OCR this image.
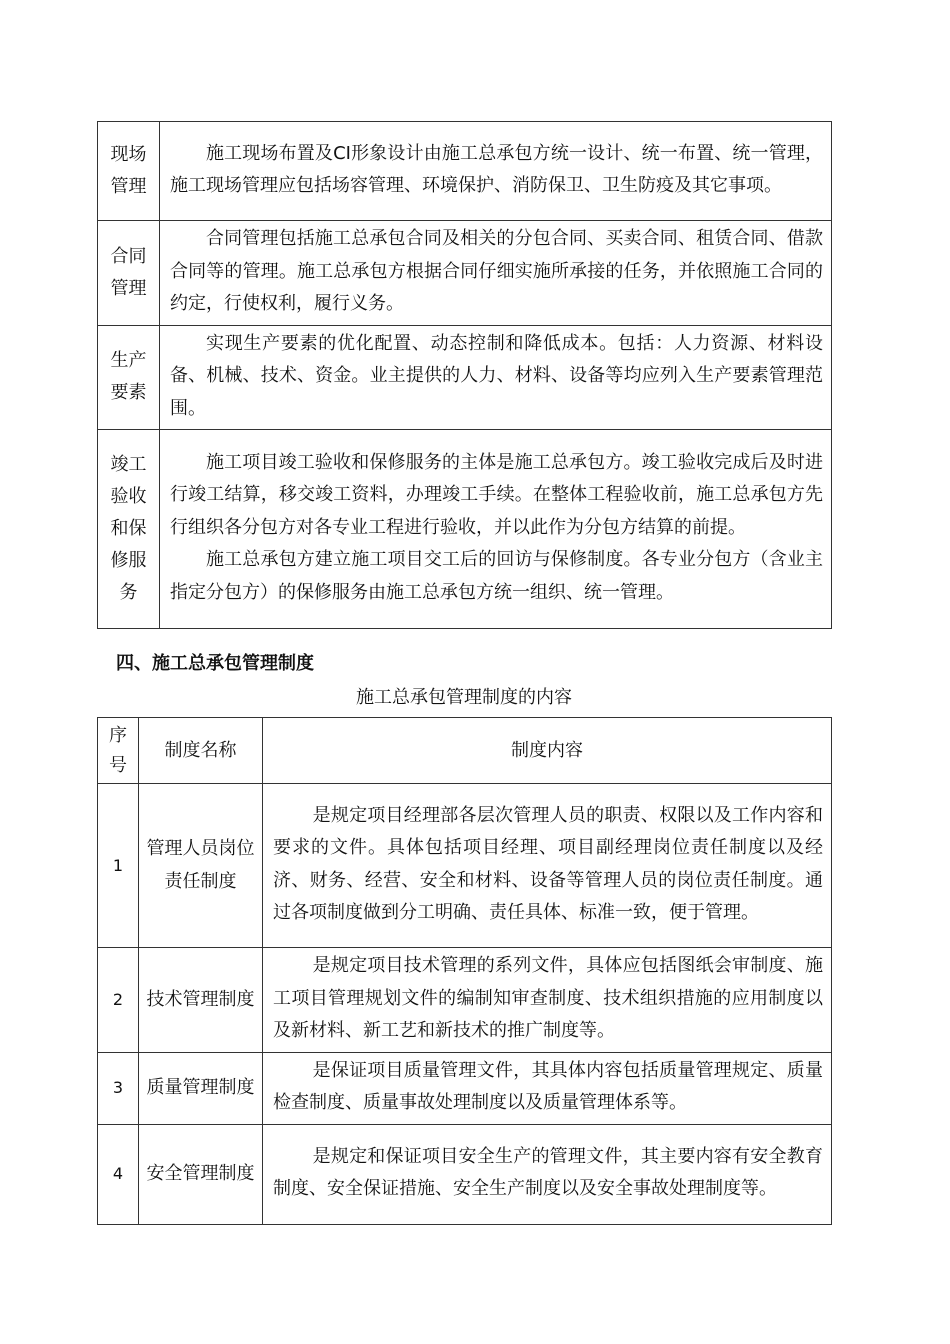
现场管理	施工现场布置及CI形象设计由施工总承包方统一设计、统一布置、统一管理，施工现场管理应包括场容管理、环境保护、消防保卫、卫生防疫及其它事项。

合同管理	合同管理包括施工总承包合同及相关的分包合同、买卖合同、租赁合同、借款合同等的管理。施工总承包方根据合同仔细实施所承接的任务，并依照施工合同的约定，行使权利，履行义务。

生产要素	实现生产要素的优化配置、动态控制和降低成本。包括：人力资源、材料设备、机械、技术、资金。业主提供的人力、材料、设备等均应列入生产要素管理范围。

竣工验收和保修服务	施工项目竣工验收和保修服务的主体是施工总承包方。竣工验收完成后及时进行竣工结算，移交竣工资料，办理竣工手续。在整体工程验收前，施工总承包方先行组织各分包方对各专业工程进行验收，并以此作为分包方结算的前提。

施工总承包方建立施工项目交工后的回访与保修制度。各专业分包方（含业主指定分包方）的保修服务由施工总承包方统一组织、统一管理。

四、施工总承包管理制度
施工总承包管理制度的内容
序号	制度名称	制度内容
1	管理人员岗位责任制度	是规定项目经理部各层次管理人员的职责、权限以及工作内容和要求的文件。具体包括项目经理、项目副经理岗位责任制度以及经济、财务、经营、安全和材料、设备等管理人员的岗位责任制度。通过各项制度做到分工明确、责任具体、标准一致，便于管理。

2	技术管理制度	是规定项目技术管理的系列文件，具体应包括图纸会审制度、施工项目管理规划文件的编制知审查制度、技术组织措施的应用制度以及新材料、新工艺和新技术的推广制度等。

3	质量管理制度	是保证项目质量管理文件，其具体内容包括质量管理规定、质量检查制度、质量事故处理制度以及质量管理体系等。

4	安全管理制度	是规定和保证项目安全生产的管理文件，其主要内容有安全教育制度、安全保证措施、安全生产制度以及安全事故处理制度等。
